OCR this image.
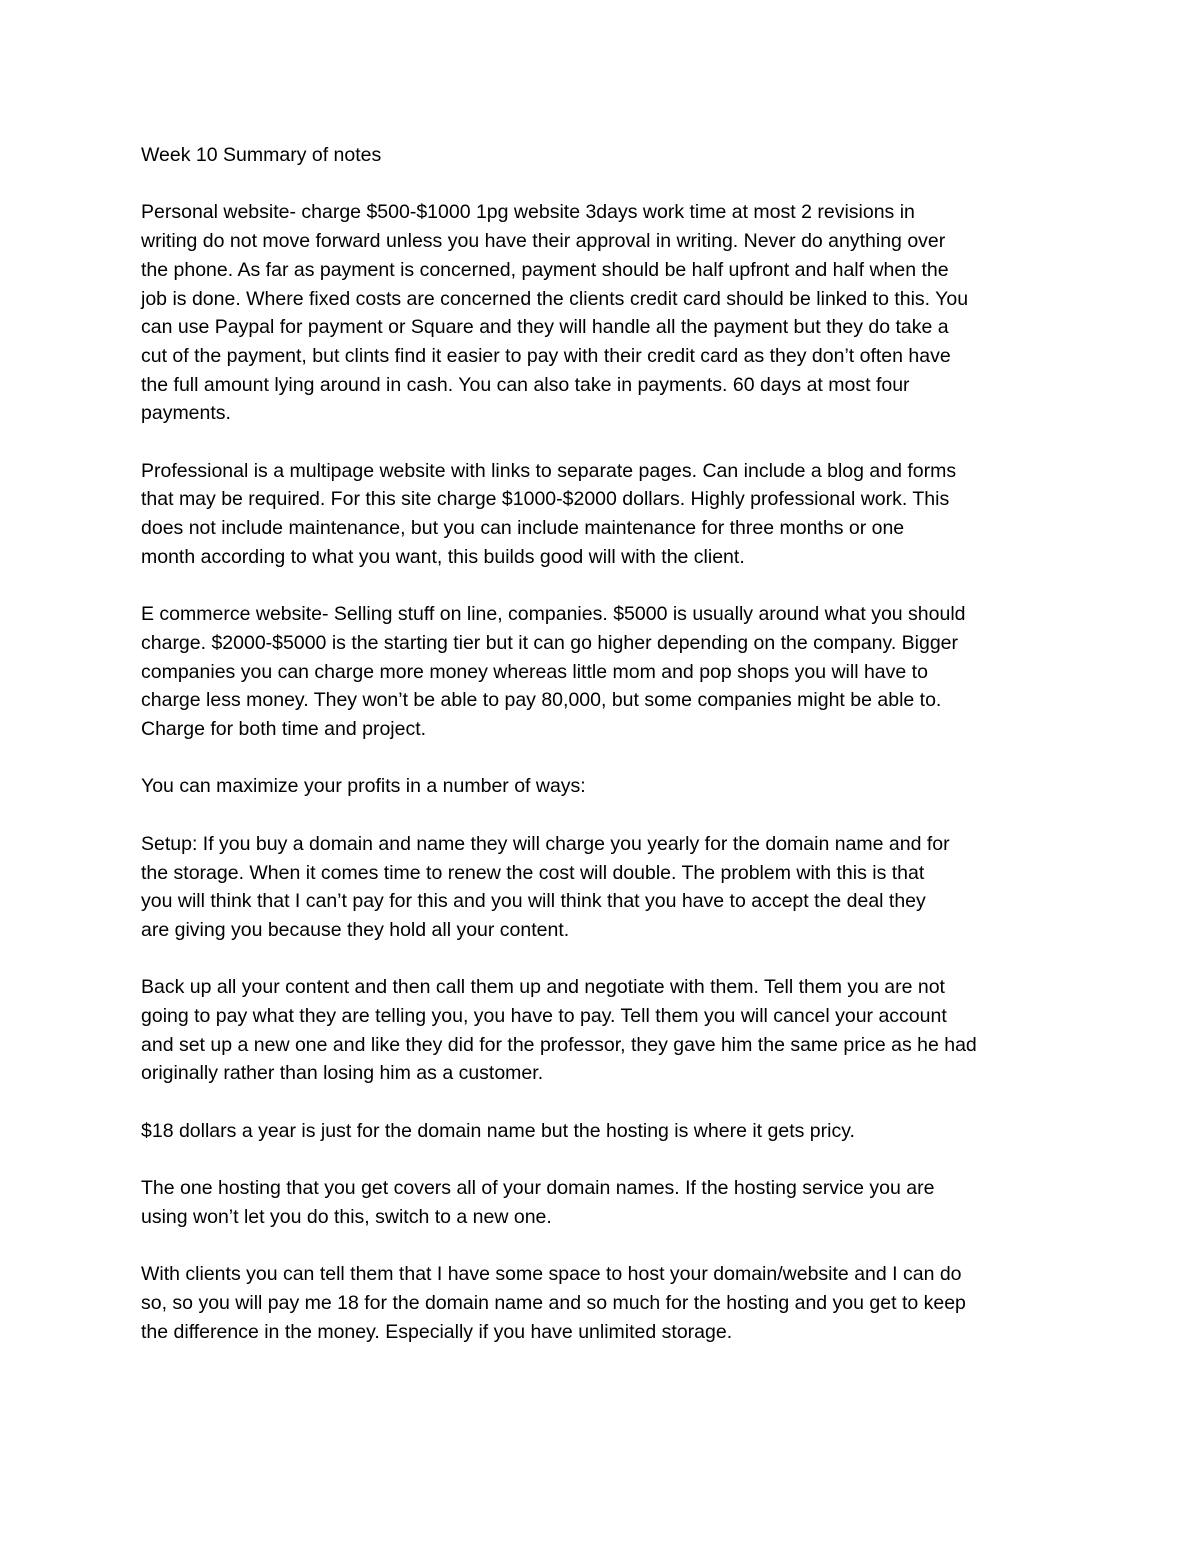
Week 10 Summary of notes

Personal website- charge $500-$1000 1pg website 3days work time at most 2 revisions in
writing do not move forward unless you have their approval in writing. Never do anything over
the phone. As far as payment is concerned, payment should be half upfront and half when the
job is done. Where fixed costs are concerned the clients credit card should be linked to this. You
can use Paypal for payment or Square and they will handle all the payment but they do take a
cut of the payment, but clints find it easier to pay with their credit card as they don’t often have
the full amount lying around in cash. You can also take in payments. 60 days at most four
payments.

Professional is a multipage website with links to separate pages. Can include a blog and forms
that may be required. For this site charge $1000-$2000 dollars. Highly professional work. This
does not include maintenance, but you can include maintenance for three months or one
month according to what you want, this builds good will with the client.

E commerce website- Selling stuff on line, companies. $5000 is usually around what you should
charge. $2000-$5000 is the starting tier but it can go higher depending on the company. Bigger
companies you can charge more money whereas little mom and pop shops you will have to
charge less money. They won’t be able to pay 80,000, but some companies might be able to.
Charge for both time and project.

You can maximize your profits in a number of ways:

Setup: If you buy a domain and name they will charge you yearly for the domain name and for
the storage. When it comes time to renew the cost will double. The problem with this is that
you will think that I can’t pay for this and you will think that you have to accept the deal they
are giving you because they hold all your content.

Back up all your content and then call them up and negotiate with them. Tell them you are not
going to pay what they are telling you, you have to pay. Tell them you will cancel your account
and set up a new one and like they did for the professor, they gave him the same price as he had
originally rather than losing him as a customer.

$18 dollars a year is just for the domain name but the hosting is where it gets pricy.

The one hosting that you get covers all of your domain names. If the hosting service you are
using won’t let you do this, switch to a new one.

With clients you can tell them that I have some space to host your domain/website and I can do
so, so you will pay me 18 for the domain name and so much for the hosting and you get to keep
the difference in the money. Especially if you have unlimited storage.
